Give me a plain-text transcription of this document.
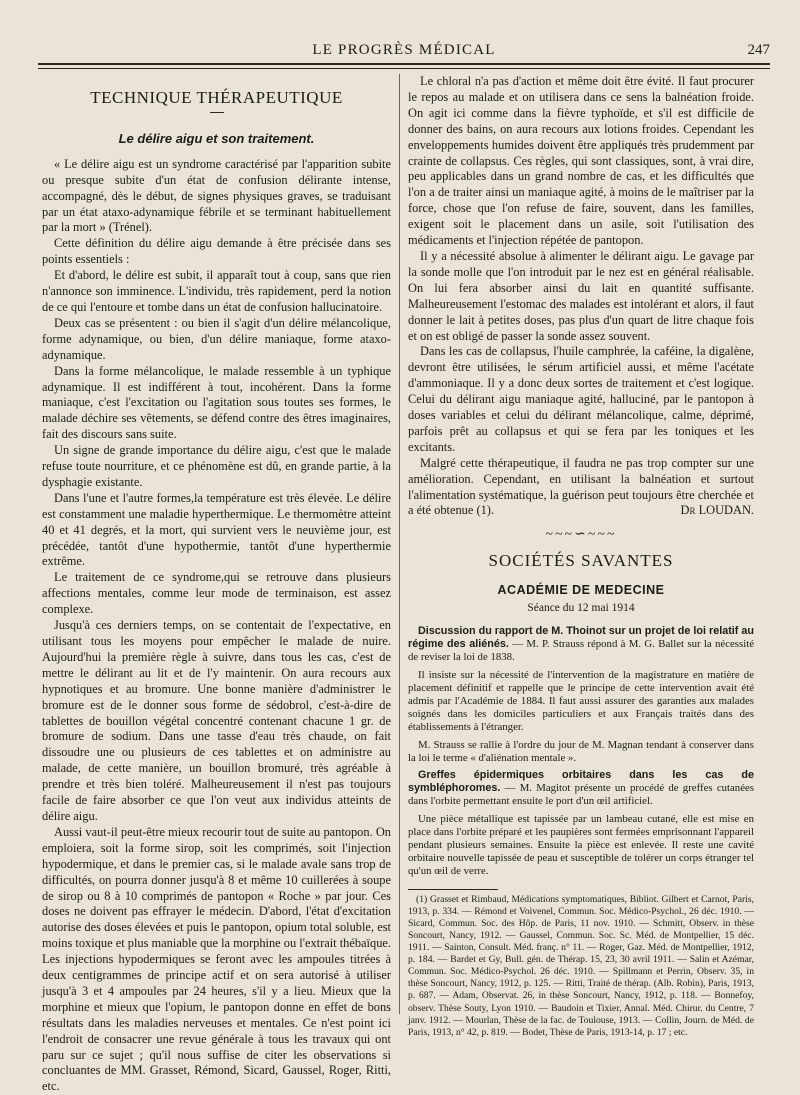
LE PROGRÈS MÉDICAL	247
TECHNIQUE THÉRAPEUTIQUE
Le délire aigu et son traitement.

« Le délire aigu est un syndrome caractérisé par l'apparition subite ou presque subite d'un état de confusion délirante intense, accompagné, dès le début, de signes physiques graves, se traduisant par un état ataxo-adynamique fébrile et se terminant habituellement par la mort » (Trénel).

Cette définition du délire aigu demande à être précisée dans ses points essentiels :

Et d'abord, le délire est subit, il apparaît tout à coup, sans que rien n'annonce son imminence. L'individu, très rapidement, perd la notion de ce qui l'entoure et tombe dans un état de confusion hallucinatoire.

Deux cas se présentent : ou bien il s'agit d'un délire mélancolique, forme adynamique, ou bien, d'un délire maniaque, forme ataxo-adynamique.

Dans la forme mélancolique, le malade ressemble à un typhique adynamique. Il est indifférent à tout, incohérent. Dans la forme maniaque, c'est l'excitation ou l'agitation sous toutes ses formes, le malade déchire ses vêtements, se défend contre des êtres imaginaires, fait des discours sans suite.

Un signe de grande importance du délire aigu, c'est que le malade refuse toute nourriture, et ce phénomène est dû, en grande partie, à la dysphagie existante.

Dans l'une et l'autre formes,la température est très élevée. Le délire est constamment une maladie hyperthermique. Le thermomètre atteint 40 et 41 degrés, et la mort, qui survient vers le neuvième jour, est précédée, tantôt d'une hypothermie, tantôt d'une hyperthermie extrême.

Le traitement de ce syndrome,qui se retrouve dans plusieurs affections mentales, comme leur mode de terminaison, est assez complexe.

Jusqu'à ces derniers temps, on se contentait de l'expectative, en utilisant tous les moyens pour empêcher le malade de nuire. Aujourd'hui la première règle à suivre, dans tous les cas, c'est de mettre le délirant au lit et de l'y maintenir. On aura recours aux hypnotiques et au bromure. Une bonne manière d'administrer le bromure est de le donner sous forme de sédobrol, c'est-à-dire de tablettes de bouillon végétal concentré contenant chacune 1 gr. de bromure de sodium. Dans une tasse d'eau très chaude, on fait dissoudre une ou plusieurs de ces tablettes et on administre au malade, de cette manière, un bouillon bromuré, très agréable à prendre et très bien toléré. Malheureusement il n'est pas toujours facile de faire absorber ce que l'on veut aux individus atteints de délire aigu.

Aussi vaut-il peut-être mieux recourir tout de suite au pantopon. On emploiera, soit la forme sirop, soit les comprimés, soit l'injection hypodermique, et dans le premier cas, si le malade avale sans trop de difficultés, on pourra donner jusqu'à 8 et même 10 cuillerées à soupe de sirop ou 8 à 10 comprimés de pantopon « Roche » par jour. Ces doses ne doivent pas effrayer le médecin. D'abord, l'état d'excitation autorise des doses élevées et puis le pantopon, opium total soluble, est moins toxique et plus maniable que la morphine ou l'extrait thébaïque. Les injections hypodermiques se feront avec les ampoules titrées à deux centigrammes de principe actif et on sera autorisé à utiliser jusqu'à 3 et 4 ampoules par 24 heures, s'il y a lieu. Mieux que la morphine et mieux que l'opium, le pantopon donne en effet de bons résultats dans les maladies nerveuses et mentales. Ce n'est point ici l'endroit de consacrer une revue générale à tous les travaux qui ont paru sur ce sujet ; qu'il nous suffise de citer les observations si concluantes de MM. Grasset, Rémond, Sicard, Gaussel, Roger, Ritti, etc.

Le chloral n'a pas d'action et même doit être évité. Il faut procurer le repos au malade et on utilisera dans ce sens la balnéation froide. On agit ici comme dans la fièvre typhoïde, et s'il est difficile de donner des bains, on aura recours aux lotions froides. Cependant les enveloppements humides doivent être appliqués très prudemment par crainte de collapsus. Ces règles, qui sont classiques, sont, à vrai dire, peu applicables dans un grand nombre de cas, et les difficultés que l'on a de traiter ainsi un maniaque agité, à moins de le maîtriser par la force, chose que l'on refuse de faire, souvent, dans les familles, exigent soit le placement dans un asile, soit l'utilisation des médicaments et l'injection répétée de pantopon.

Il y a nécessité absolue à alimenter le délirant aigu. Le gavage par la sonde molle que l'on introduit par le nez est en général réalisable. On lui fera absorber ainsi du lait en quantité suffisante. Malheureusement l'estomac des malades est intolérant et alors, il faut donner le lait à petites doses, pas plus d'un quart de litre chaque fois et on est obligé de passer la sonde assez souvent.

Dans les cas de collapsus, l'huile camphrée, la caféine, la digalène, devront être utilisées, le sérum artificiel aussi, et même l'acétate d'ammoniaque. Il y a donc deux sortes de traitement et c'est logique. Celui du délirant aigu maniaque agité, halluciné, par le pantopon à doses variables et celui du délirant mélancolique, calme, déprimé, parfois prêt au collapsus et qui se fera par les toniques et les excitants.

Malgré cette thérapeutique, il faudra ne pas trop compter sur une amélioration. Cependant, en utilisant la balnéation et surtout l'alimentation systématique, la guérison peut toujours être cherchée et a été obtenue (1).	Dr LOUDAN.

~~~∽~~~
SOCIÉTÉS SAVANTES
ACADÉMIE DE MEDECINE
Séance du 12 mai 1914

Discussion du rapport de M. Thoinot sur un projet de loi relatif au régime des aliénés. — M. P. Strauss répond à M. G. Ballet sur la nécessité de reviser la loi de 1838.

Il insiste sur la nécessité de l'intervention de la magistrature en matière de placement définitif et rappelle que le principe de cette intervention avait été admis par l'Académie de 1884. Il faut aussi assurer des garanties aux malades soignés dans les domiciles particuliers et aux Français traités dans des établissements à l'étranger.

M. Strauss se rallie à l'ordre du jour de M. Magnan tendant à conserver dans la loi le terme « d'aliénation mentale ».

Greffes épidermiques orbitaires dans les cas de symbléphoromes. — M. Magitot présente un procédé de greffes cutanées dans l'orbite permettant ensuite le port d'un œil artificiel.

Une pièce métallique est tapissée par un lambeau cutané, elle est mise en place dans l'orbite préparé et les paupières sont fermées emprisonnant l'appareil pendant plusieurs semaines. Ensuite la pièce est enlevée. Il reste une cavité orbitaire nouvelle tapissée de peau et susceptible de tolérer un corps étranger tel qu'un œil de verre.

(1) Grasset et Rimbaud, Médications symptomatiques, Bibliot. Gilbert et Carnot, Paris, 1913, p. 334. — Rémond et Voivenel, Commun. Soc. Médico-Psychol., 26 déc. 1910. — Sicard, Commun. Soc. des Hôp. de Paris, 11 nov. 1910. — Schmitt, Observ. in thèse Soncourt, Nancy, 1912. — Gaussel, Commun. Soc. Sc. Méd. de Montpellier, 15 déc. 1911. — Sainton, Consult. Méd. franç. n° 11. — Roger, Gaz. Méd. de Montpellier, 1912, p. 184. — Bardet et Gy, Bull. gén. de Thérap. 15, 23, 30 avril 1911. — Salin et Azémar, Commun. Soc. Médico-Psychol. 26 déc. 1910. — Spillmann et Perrin, Observ. 35, in thèse Soncourt, Nancy, 1912, p. 125. — Ritti, Traité de thérap. (Alb. Robin), Paris, 1913, p. 687. — Adam, Observat. 26, in thèse Soncourt, Nancy, 1912, p. 118. — Bonnefoy, observ. Thèse Souty, Lyon 1910. — Baudoin et Tixier, Annal. Méd. Chirur. du Centre, 7 janv. 1912. — Mourlan, Thèse de la fac. de Toulouse, 1913. — Collin, Journ. de Méd. de Paris, 1913, n° 42, p. 819. — Bodet, Thèse de Paris, 1913-14, p. 17 ; etc.
